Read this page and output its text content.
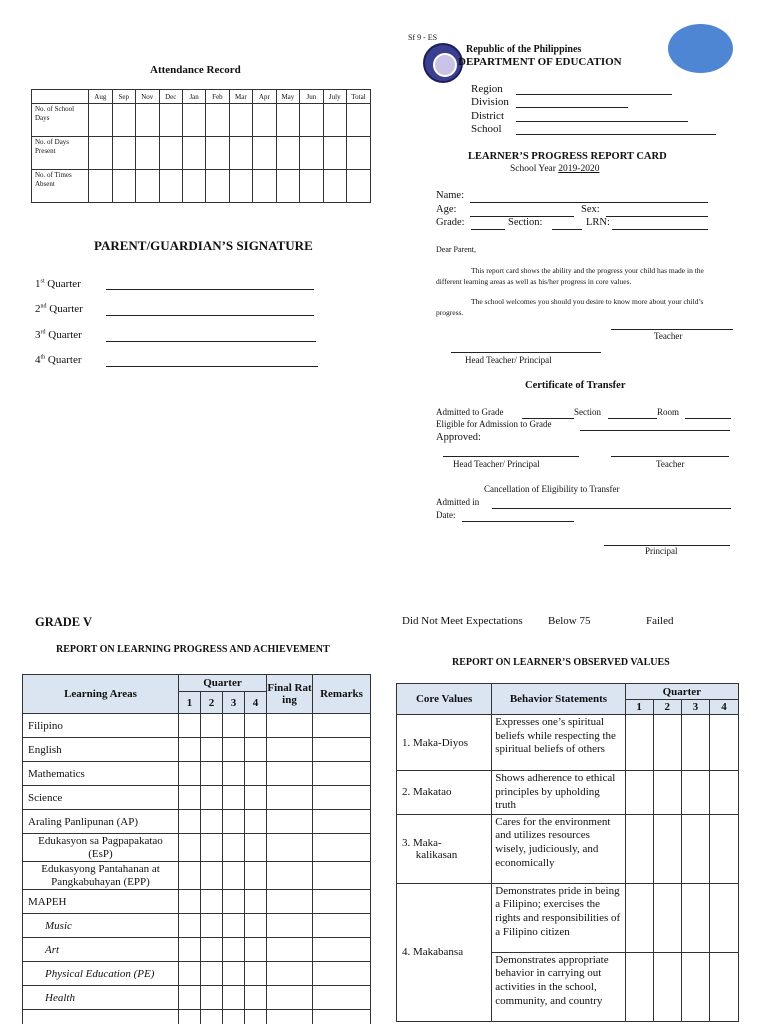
Attendance Record
	Aug	Sep	Nov	Dec	Jan	Feb	Mar	Apr	May	Jun	July	Total
No. of School Days												
No. of Days Present												
No. of Times Absent												
PARENT/GUARDIAN’S SIGNATURE
1st Quarter
2nd Quarter
3rd Quarter
4th Quarter
Sf 9 - ES
Republic of the Philippines
DEPARTMENT OF EDUCATION
Region
Division
District
School
LEARNER’S PROGRESS REPORT CARD
School Year 2019-2020
Name:
Age:	Sex:
Grade:	Section:	LRN:
Dear Parent,
This report card shows the ability and the progress your child has made in the different learning areas as well as his/her progress in core values.
The school welcomes you should you desire to know more about your child’s progress.
Teacher
Head Teacher/ Principal
Certificate of Transfer
Admitted to Grade	Section	Room
Eligible for Admission to Grade
Approved:
Head Teacher/ Principal	Teacher
Cancellation of Eligibility to Transfer
Admitted in
Date:
Principal
GRADE V	Did Not Meet Expectations Below 75	Failed
REPORT ON LEARNING PROGRESS AND ACHIEVEMENT
Learning Areas	Quarter				Final Rating	Remarks
	1	2	3	4		
Filipino						
English						
Mathematics						
Science						
Araling Panlipunan (AP)						
Edukasyon sa Pagpapakatao (EsP)						
Edukasyong Pantahanan at Pangkabuhayan (EPP)						
MAPEH						
Music						
Art						
Physical Education (PE)						
Health						

REPORT ON LEARNER’S OBSERVED VALUES
Core Values	Behavior Statements	Quarter			
		1	2	3	4
1. Maka-Diyos	Expresses one’s spiritual beliefs while respecting the spiritual beliefs of others				
2. Makatao	Shows adherence to ethical principles by upholding truth				
3. Maka-     kalikasan	Cares for the environment and utilizes resources wisely, judiciously, and economically				
4. Makabansa	Demonstrates pride in being a Filipino; exercises the rights and responsibilities of a Filipino citizen				
	Demonstrates appropriate behavior in carrying out activities in the school, community, and country				
